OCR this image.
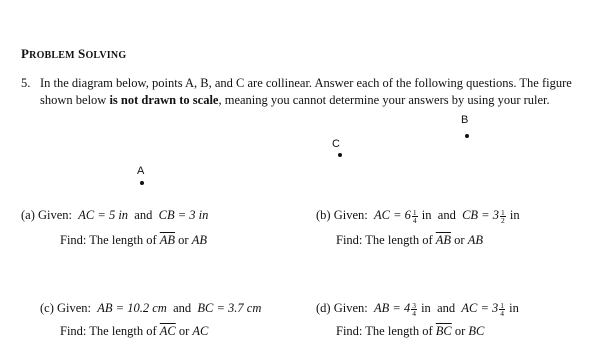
PROBLEM SOLVING
5. In the diagram below, points A, B, and C are collinear. Answer each of the following questions. The figure
shown below is not drawn to scale, meaning you cannot determine your answers by using your ruler.
B
C
A
(a) Given: AC = 5 in and CB = 3 in
Find: The length of $\overline{AB}$ or AB
(b) Given: AC = $6 \frac{1}{4}$ in and CB = $3 \frac{1}{2}$ in
Find: The length of $\overline{AB}$ or AB
(c) Given: AB = 10.2 cm and BC = 3.7 cm
Find: The length of $\overline{AC}$ or AC
(d) Given: AB = $4 \frac{3}{4}$ in and AC = $3 \frac{1}{4}$ in
Find: The length of $\overline{BC}$ or BC
